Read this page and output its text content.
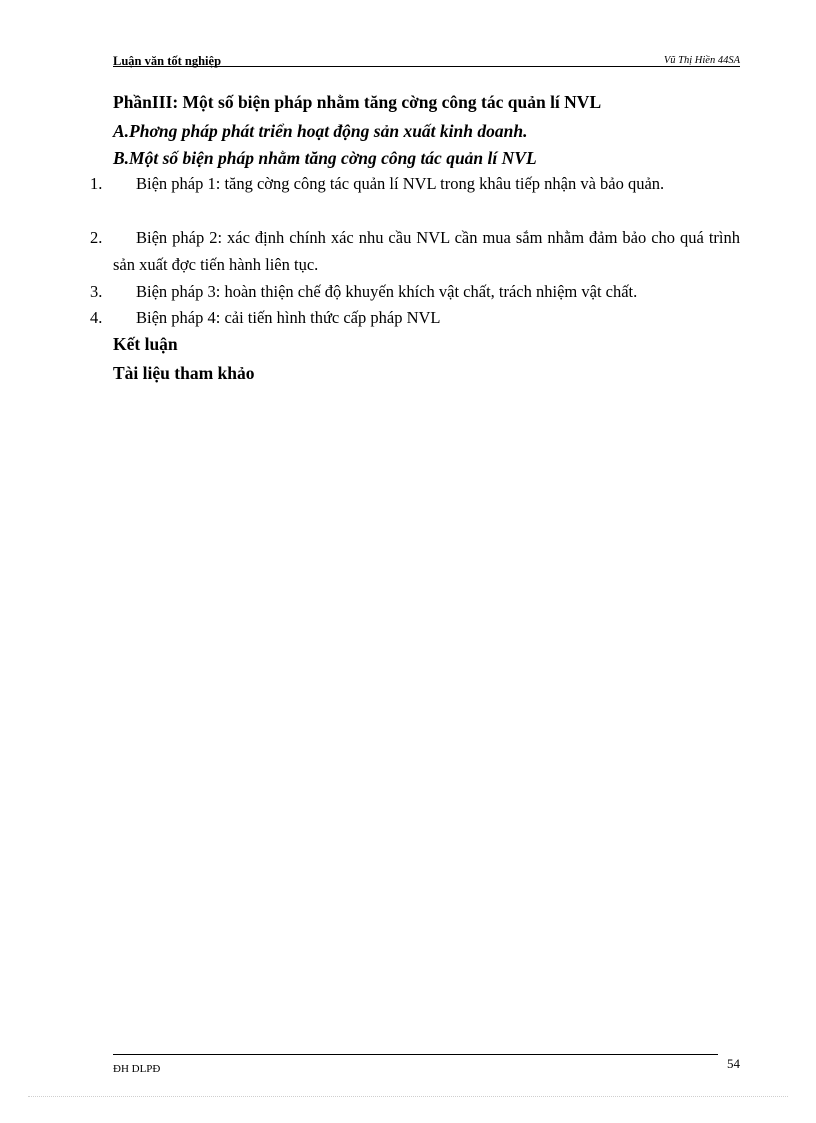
Luận văn tốt nghiệp	Vũ Thị Hiền 44SA
PhầnIII: Một số biện pháp nhằm tăng cờng công tác quản lí NVL
A.Phơng pháp phát triển hoạt động sản xuất kinh doanh.
B.Một số biện pháp nhằm tăng cờng công tác quản lí NVL
1.	Biện pháp 1: tăng cờng công tác quản lí NVL trong khâu tiếp nhận và bảo quản.
2.	Biện pháp 2: xác định chính xác nhu cầu NVL cần mua sắm nhằm đảm bảo cho quá trình sản xuất đợc tiến hành liên tục.
3.	Biện pháp 3: hoàn thiện chế độ khuyến khích vật chất, trách nhiệm vật chất.
4.	Biện pháp 4: cải tiến hình thức cấp pháp NVL
Kết luận
Tài liệu tham khảo
ĐH DLPĐ	54
